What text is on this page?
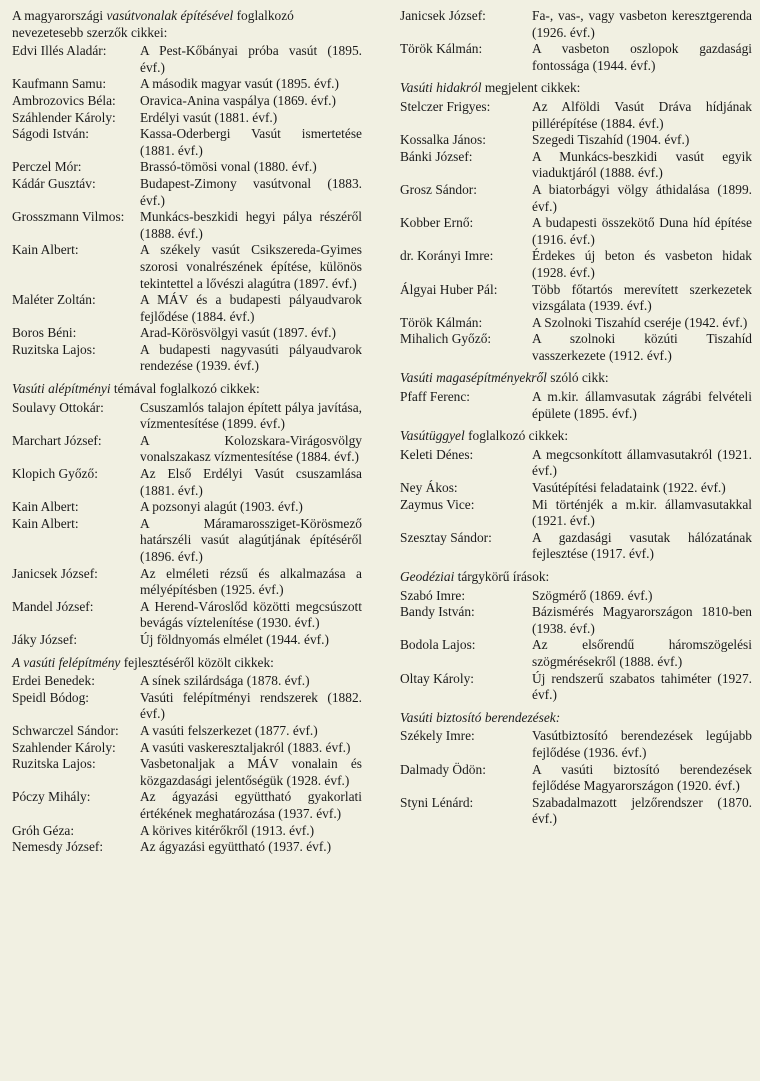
A magyarországi vasútvonalak építésével foglalkozó nevezetesebb szerzők cikkei:
Edvi Illés Aladár:	A Pest-Kőbányai próba vasút (1895. évf.)
Kaufmann Samu:	A második magyar vasút (1895. évf.)
Ambrozovics Béla:	Oravica-Anina vaspálya (1869. évf.)
Száhlender Károly:	Erdélyi vasút (1881. évf.)
Ságodi István:	Kassa-Oderbergi Vasút ismertetése (1881. évf.)
Perczel Mór:	Brassó-tömösi vonal (1880. évf.)
Kádár Gusztáv:	Budapest-Zimony vasútvonal (1883. évf.)
Grosszmann Vilmos:	Munkács-beszkidi hegyi pálya részéről (1888. évf.)
Kain Albert:	A székely vasút Csikszereda-Gyimes szorosi vonalrészének építése, különös tekintettel a lővészi alagútra (1897. évf.)
Maléter Zoltán:	A MÁV és a budapesti pályaudvarok fejlődése (1884. évf.)
Boros Béni:	Arad-Körösvölgyi vasút (1897. évf.)
Ruzitska Lajos:	A budapesti nagyvasúti pályaudvarok rendezése (1939. évf.)
Vasúti alépítményi témával foglalkozó cikkek:
Soulavy Ottokár:	Csuszamlós talajon épített pálya javítása, vízmentesítése (1899. évf.)
Marchart József:	A Kolozskara-Virágosvölgy vonalszakasz vízmentesítése (1884. évf.)
Klopich Győző:	Az Első Erdélyi Vasút csuszamlása (1881. évf.)
Kain Albert:	A pozsonyi alagút (1903. évf.)
Kain Albert:	A Máramarossziget-Körösmező határszéli vasút alagútjának építéséről (1896. évf.)
Janicsek József:	Az elméleti rézsű és alkalmazása a mélyépítésben (1925. évf.)
Mandel József:	A Herend-Városlőd közötti megcsúszott bevágás víztelenítése (1930. évf.)
Jáky József:	Új földnyomás elmélet (1944. évf.)
A vasúti felépítmény fejlesztéséről közölt cikkek:
Erdei Benedek:	A sínek szilárdsága (1878. évf.)
Speidl Bódog:	Vasúti felépítményi rendszerek (1882. évf.)
Schwarczel Sándor:	A vasúti felszerkezet (1877. évf.)
Szahlender Károly:	A vasúti vaskeresztaljakról (1883. évf.)
Ruzitska Lajos:	Vasbetonaljak a MÁV vonalain és közgazdasági jelentőségük (1928. évf.)
Póczy Mihály:	Az ágyazási együttható gyakorlati értékének meghatározása (1937. évf.)
Gróh Géza:	A körives kitérőkről (1913. évf.)
Nemesdy József:	Az ágyazási együttható (1937. évf.)
Janicsek József:	Fa-, vas-, vagy vasbeton keresztgerenda (1926. évf.)
Török Kálmán:	A vasbeton oszlopok gazdasági fontossága (1944. évf.)
Vasúti hidakról megjelent cikkek:
Stelczer Frigyes:	Az Alföldi Vasút Dráva hídjának pillérépítése (1884. évf.)
Kossalka János:	Szegedi Tiszahíd (1904. évf.)
Bánki József:	A Munkács-beszkidi vasút egyik viaduktjáról (1888. évf.)
Grosz Sándor:	A biatorbágyi völgy áthidalása (1899. évf.)
Kobber Ernő:	A budapesti összekötő Duna híd építése (1916. évf.)
dr. Korányi Imre:	Érdekes új beton és vasbeton hidak (1928. évf.)
Álgyai Huber Pál:	Több főtartós merevített szerkezetek vizsgálata (1939. évf.)
Török Kálmán:	A Szolnoki Tiszahíd cseréje (1942. évf.)
Mihalich Győző:	A szolnoki közúti Tiszahíd vasszerkezete (1912. évf.)
Vasúti magasépítményekről szóló cikk:
Pfaff Ferenc:	A m.kir. államvasutak zágrábi felvételi épülete (1895. évf.)
Vasútüggyel foglalkozó cikkek:
Keleti Dénes:	A megcsonkított államvasutakról (1921. évf.)
Ney Ákos:	Vasútépítési feladataink (1922. évf.)
Zaymus Vice:	Mi történjék a m.kir. államvasutakkal (1921. évf.)
Szesztay Sándor:	A gazdasági vasutak hálózatának fejlesztése (1917. évf.)
Geodéziai tárgykörű írások:
Szabó Imre:	Szögmérő (1869. évf.)
Bandy István:	Bázismérés Magyarországon 1810-ben (1938. évf.)
Bodola Lajos:	Az elsőrendű háromszögelési szögmérésekről (1888. évf.)
Oltay Károly:	Új rendszerű szabatos tahiméter (1927. évf.)
Vasúti biztosító berendezések:
Székely Imre:	Vasútbiztosító berendezések legújabb fejlődése (1936. évf.)
Dalmady Ödön:	A vasúti biztosító berendezések fejlődése Magyarországon (1920. évf.)
Styni Lénárd:	Szabadalmazott jelzőrendszer (1870. évf.)
